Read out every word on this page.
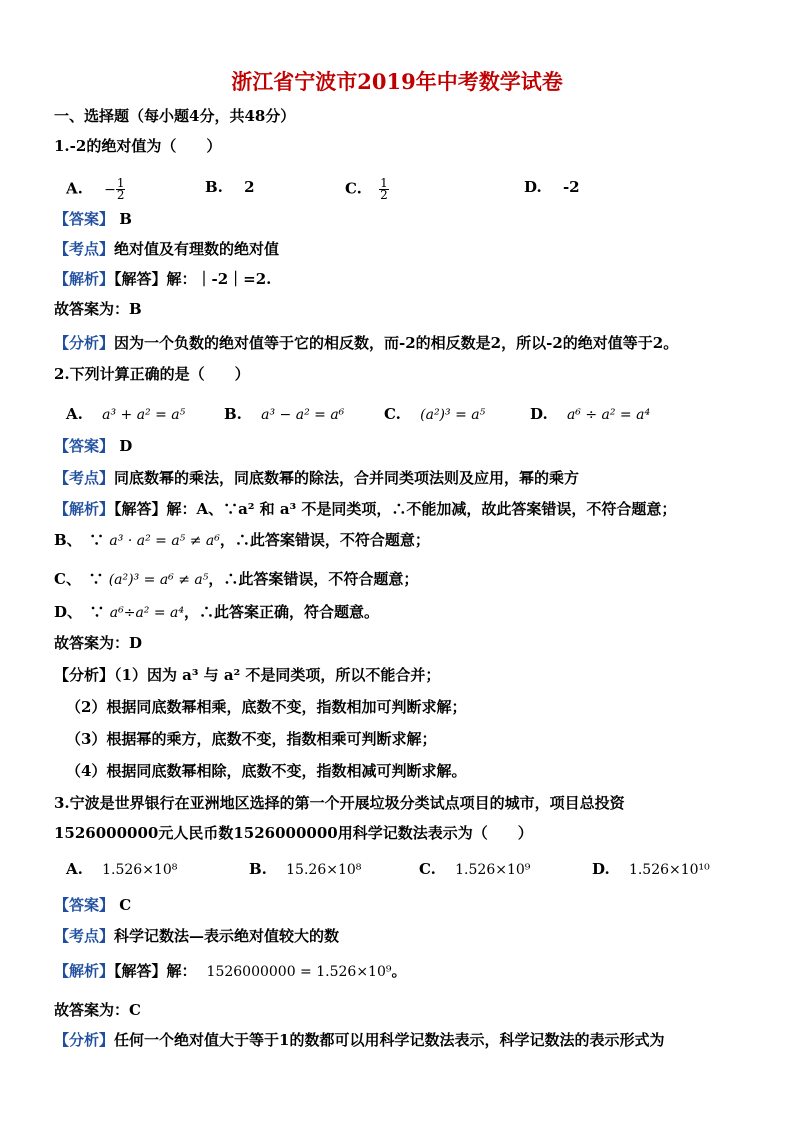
浙江省宁波市2019年中考数学试卷
一、选择题（每小题4分，共48分）
1.-2的绝对值为（　　）
A. − $\frac{1}{2}$	B. 2	C. $\frac{1}{2}$	D. -2
【答案】 B
【考点】绝对值及有理数的绝对值
【解析】【解答】解：｜-2｜=2.
故答案为：B
【分析】因为一个负数的绝对值等于它的相反数，而-2的相反数是2，所以-2的绝对值等于2。
2.下列计算正确的是（　　）
A. a³ + a² = a⁵	B. a³ − a² = a⁶	C. (a²)³ = a⁵	D. a⁶ ÷ a² = a⁴
【答案】 D
【考点】同底数幂的乘法，同底数幂的除法，合并同类项法则及应用，幂的乘方
【解析】【解答】解：A、∵a² 和 a³ 不是同类项，∴不能加减，故此答案错误，不符合题意；
B、　∵ a³ · a² = a⁵ ≠ a⁶，∴此答案错误，不符合题意；
C、　∵ (a²)³ = a⁶ ≠ a⁵，∴此答案错误，不符合题意；
D、　∵ a⁶÷a² = a⁴，∴此答案正确，符合题意。
故答案为：D
【分析】（1）因为 a³ 与 a² 不是同类项，所以不能合并；
（2）根据同底数幂相乘，底数不变，指数相加可判断求解；
（3）根据幂的乘方，底数不变，指数相乘可判断求解；
（4）根据同底数幂相除，底数不变，指数相减可判断求解。
3.宁波是世界银行在亚洲地区选择的第一个开展垃圾分类试点项目的城市，项目总投资
1526000000元人民币数1526000000用科学记数法表示为（　　）
A. 1.526×10⁸	B. 15.26×10⁸	C. 1.526×10⁹	D. 1.526×10¹⁰
【答案】 C
【考点】科学记数法—表示绝对值较大的数
【解析】【解答】解： 1526000000 = 1.526×10⁹。
故答案为：C
【分析】任何一个绝对值大于等于1的数都可以用科学记数法表示，科学记数法的表示形式为
